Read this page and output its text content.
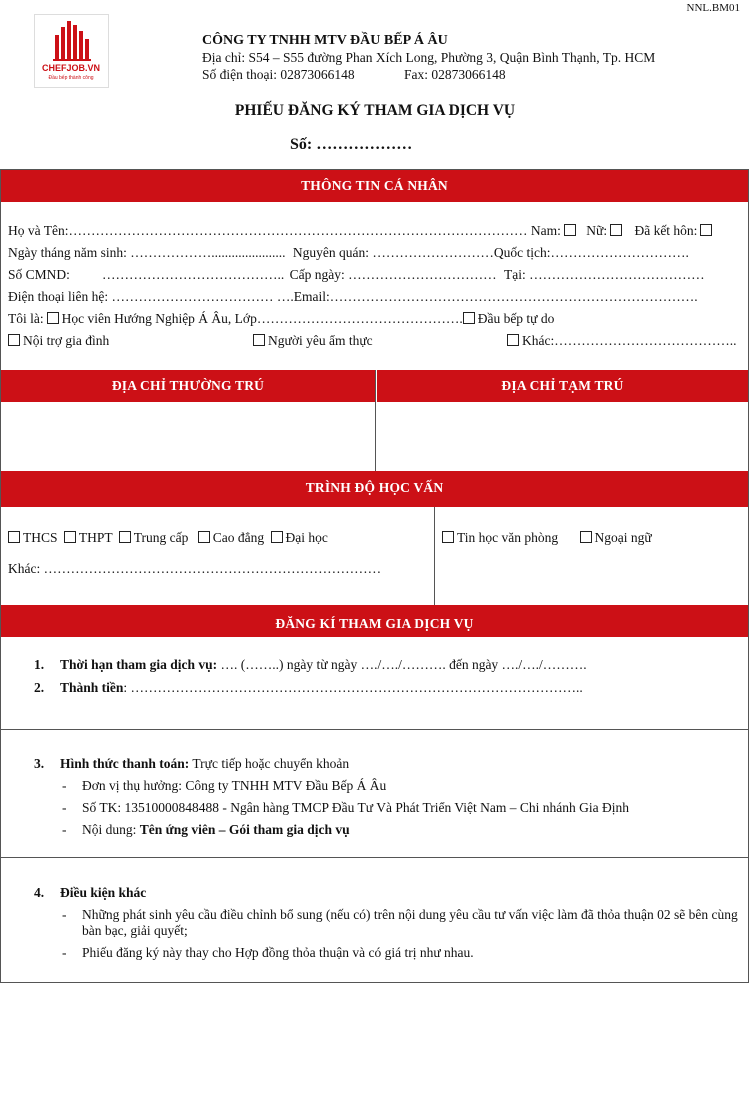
NNL.BM01
CHEFJOB.VN
Đầu bếp thành công
CÔNG TY TNHH MTV ĐẦU BẾP Á ÂU
Địa chỉ: S54 – S55 đường Phan Xích Long, Phường 3, Quận Bình Thạnh, Tp. HCM
Số điện thoại: 02873066148	Fax: 02873066148
PHIẾU ĐĂNG KÝ THAM GIA DỊCH VỤ
Số: ………………
THÔNG TIN CÁ NHÂN
Họ và Tên:………………………………………………………………………………………… Nam: Nữ: Đã kết hôn:
Ngày tháng năm sinh: ………………...................... Nguyên quán: ………………………Quốc tịch:………………………….
Số CMND: ………………………………….. Cấp ngày: …………………………… Tại: …………………………………
Điện thoại liên hệ: ……………………………… ….Email:……………………………………………………………………….
Tôi là: Học viên Hướng Nghiệp Á Âu, Lớp………………………………………. Đầu bếp tự do
Nội trợ gia đình	Người yêu ẩm thực	Khác:…………………………………..
ĐỊA CHỈ THƯỜNG TRÚ	ĐỊA CHỈ TẠM TRÚ
TRÌNH ĐỘ HỌC VẤN
THCS THPT Trung cấp Cao đẳng Đại học
Khác: …………………………………………………………………
Tin học văn phòng	Ngoại ngữ
ĐĂNG KÍ THAM GIA DỊCH VỤ
1. Thời hạn tham gia dịch vụ: …. (……..) ngày từ ngày …./…./………. đến ngày …./…./……….
2. Thành tiền: ………………………………………………………………………………………..
3. Hình thức thanh toán: Trực tiếp hoặc chuyển khoản
- Đơn vị thụ hưởng: Công ty TNHH MTV Đầu Bếp Á Âu
- Số TK: 13510000848488 - Ngân hàng TMCP Đầu Tư Và Phát Triển Việt Nam – Chi nhánh Gia Định
- Nội dung: Tên ứng viên – Gói tham gia dịch vụ
4. Điều kiện khác
-	Những phát sinh yêu cầu điều chỉnh bổ sung (nếu có) trên nội dung yêu cầu tư vấn việc làm đã thỏa thuận 02 sẽ bên cùng bàn bạc, giải quyết;
-	Phiếu đăng ký này thay cho Hợp đồng thỏa thuận và có giá trị như nhau.
